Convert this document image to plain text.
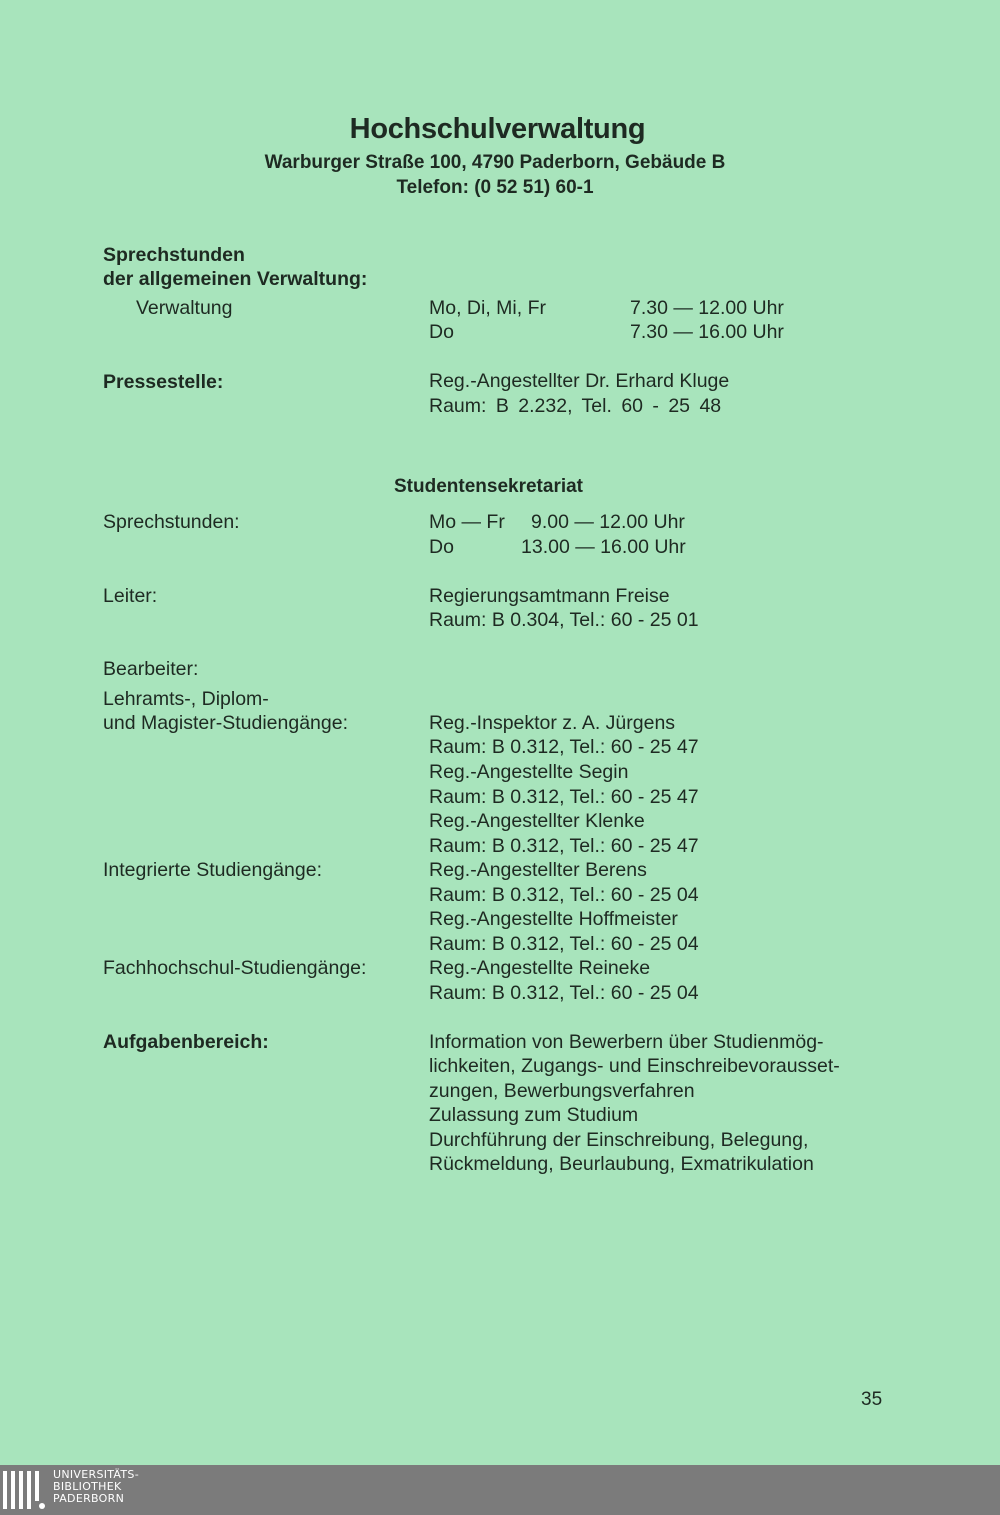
Hochschulverwaltung
Warburger Straße 100, 4790 Paderborn, Gebäude B
Telefon: (0 52 51) 60-1
Sprechstunden
der allgemeinen Verwaltung:
Verwaltung	Mo, Di, Mi, Fr	7.30 — 12.00 Uhr
Do	7.30 — 16.00 Uhr
Pressestelle:	Reg.-Angestellter Dr. Erhard Kluge
Raum: B 2.232, Tel. 60 - 25 48
Studentensekretariat
Sprechstunden:	Mo — Fr 9.00 — 12.00 Uhr
Do	13.00 — 16.00 Uhr
Leiter:	Regierungsamtmann Freise
Raum: B 0.304, Tel.: 60 - 25 01
Bearbeiter:
Lehramts-, Diplom-
und Magister-Studiengänge:	Reg.-Inspektor z. A. Jürgens
Raum: B 0.312, Tel.: 60 - 25 47
Reg.-Angestellte Segin
Raum: B 0.312, Tel.: 60 - 25 47
Reg.-Angestellter Klenke
Raum: B 0.312, Tel.: 60 - 25 47
Integrierte Studiengänge:	Reg.-Angestellter Berens
Raum: B 0.312, Tel.: 60 - 25 04
Reg.-Angestellte Hoffmeister
Raum: B 0.312, Tel.: 60 - 25 04
Fachhochschul-Studiengänge:	Reg.-Angestellte Reineke
Raum: B 0.312, Tel.: 60 - 25 04
Aufgabenbereich:	Information von Bewerbern über Studienmög-
lichkeiten, Zugangs- und Einschreibevorausset-
zungen, Bewerbungsverfahren
Zulassung zum Studium
Durchführung der Einschreibung, Belegung,
Rückmeldung, Beurlaubung, Exmatrikulation
35
UNIVERSITÄTS-
BIBLIOTHEK
PADERBORN
